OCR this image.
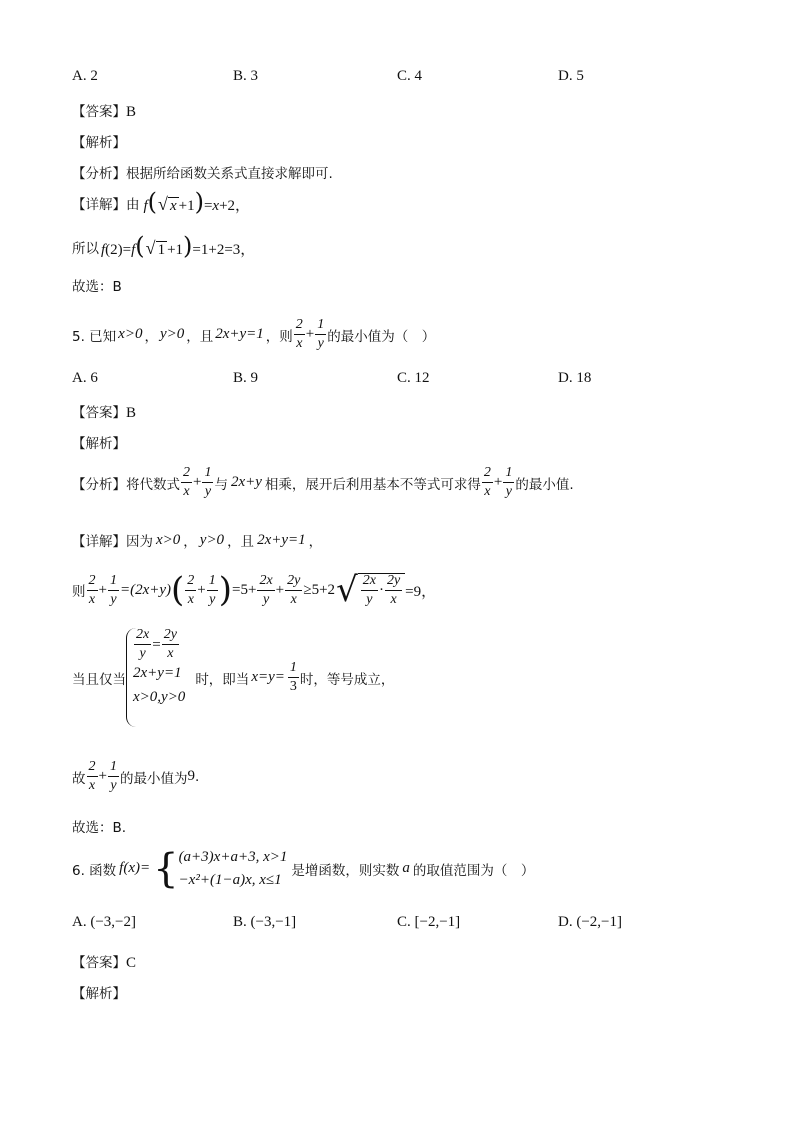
A. 2	B. 3	C. 4	D. 5
【答案】B
【解析】
【分析】根据所给函数关系式直接求解即可.
【详解】 由 f(√ x +1)=x+2，
所以 f(2)=f(√ 1 +1)=1+2=3，
故选：B
5. 已知 x>0 ， y>0 ，且 2x+y=1 ，则 $\frac{2}{x} + \frac{1}{y}$ 的最小值为（　）
A. 6	B. 9	C. 12	D. 18
【答案】B
【解析】
【分析】 将代数式 $\frac{2}{x} + \frac{1}{y}$ 与 2x+y 相乘，展开后利用基本不等式可求得 $\frac{2}{x} + \frac{1}{y}$ 的最小值.
【详解】 因为 x>0 ， y>0 ，且 2x+y=1 ，
则 $\frac{2}{x} + \frac{1}{y} =(2x+y)$ ( $\frac{2}{x} + \frac{1}{y}$ ) $=5+ \frac{2x}{y} + \frac{2y}{x} \ge 5+2$ √ $\frac{2x}{y} \cdot \frac{2y}{x} =9$，
当且仅当
$\frac{2x}{y} = \frac{2y}{x}$
2x+y=1
x>0,y>0
时，即当 $x=y= \frac{1}{3}$ 时，等号成立，
故 $\frac{2}{x} + \frac{1}{y}$ 的最小值为 9 .
故选：B.
6. 函数 f(x)= { (a+3)x+a+3, x>1
−x²+(1−a)x, x≤1
是增函数，则实数 a 的取值范围为（　）
A. (−3,−2]	B. (−3,−1]	C. [−2,−1]	D. (−2,−1]
【答案】C
【解析】
